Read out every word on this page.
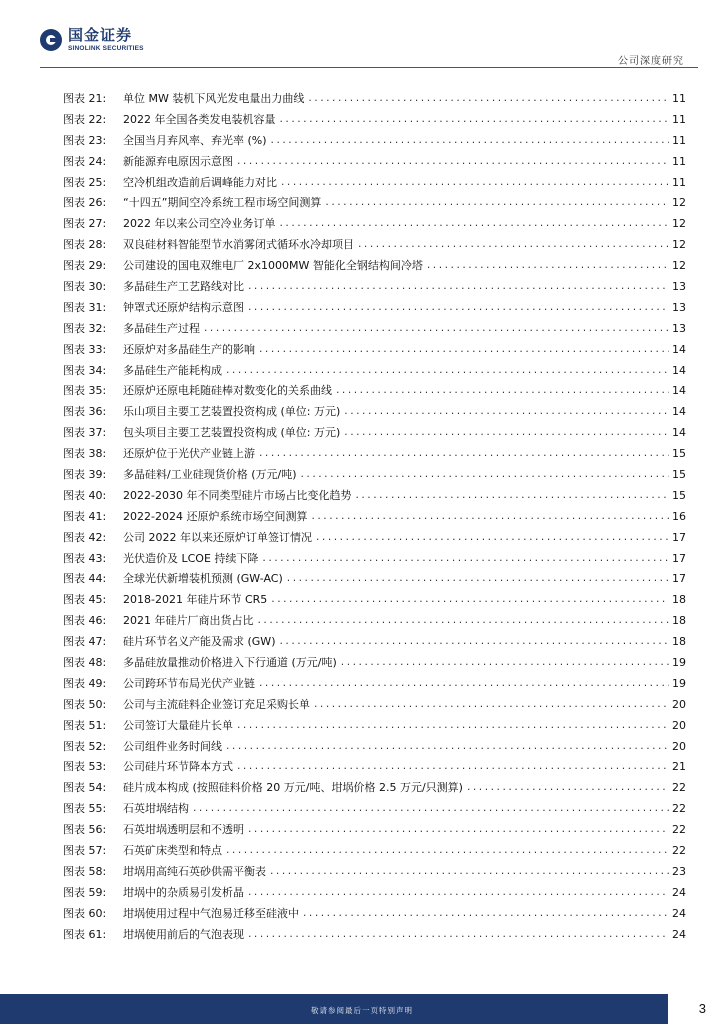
国金证券
SINOLINK SECURITIES
公司深度研究
图表 21:	单位 MW 装机下风光发电量出力曲线 .....	11
图表 22:	2022 年全国各类发电装机容量 .....	11
图表 23:	全国当月弃风率、弃光率 (%) .....	11
图表 24:	新能源弃电原因示意图 .....	11
图表 25:	空冷机组改造前后调峰能力对比 .....	11
图表 26:	“十四五”期间空冷系统工程市场空间测算 .....	12
图表 27:	2022 年以来公司空冷业务订单 .....	12
图表 28:	双良硅材料智能型节水消雾闭式循环水冷却项目 .....	12
图表 29:	公司建设的国电双维电厂 2x1000MW 智能化全钢结构间冷塔 .....	12
图表 30:	多晶硅生产工艺路线对比 .....	13
图表 31:	钟罩式还原炉结构示意图 .....	13
图表 32:	多晶硅生产过程 .....	13
图表 33:	还原炉对多晶硅生产的影响 .....	14
图表 34:	多晶硅生产能耗构成 .....	14
图表 35:	还原炉还原电耗随硅棒对数变化的关系曲线 .....	14
图表 36:	乐山项目主要工艺装置投资构成 (单位: 万元) .....	14
图表 37:	包头项目主要工艺装置投资构成 (单位: 万元) .....	14
图表 38:	还原炉位于光伏产业链上游 .....	15
图表 39:	多晶硅料/工业硅现货价格 (万元/吨) .....	15
图表 40:	2022-2030 年不同类型硅片市场占比变化趋势 .....	15
图表 41:	2022-2024 还原炉系统市场空间测算 .....	16
图表 42:	公司 2022 年以来还原炉订单签订情况 .....	17
图表 43:	光伏造价及 LCOE 持续下降 .....	17
图表 44:	全球光伏新增装机预测 (GW-AC) .....	17
图表 45:	2018-2021 年硅片环节 CR5 .....	18
图表 46:	2021 年硅片厂商出货占比 .....	18
图表 47:	硅片环节名义产能及需求 (GW) .....	18
图表 48:	多晶硅放量推动价格进入下行通道 (万元/吨) .....	19
图表 49:	公司跨环节布局光伏产业链 .....	19
图表 50:	公司与主流硅料企业签订充足采购长单 .....	20
图表 51:	公司签订大量硅片长单 .....	20
图表 52:	公司组件业务时间线 .....	20
图表 53:	公司硅片环节降本方式 .....	21
图表 54:	硅片成本构成 (按照硅料价格 20 万元/吨、坩埚价格 2.5 万元/只测算) .....	22
图表 55:	石英坩埚结构 .....	22
图表 56:	石英坩埚透明层和不透明 .....	22
图表 57:	石英矿床类型和特点 .....	22
图表 58:	坩埚用高纯石英砂供需平衡表 .....	23
图表 59:	坩埚中的杂质易引发析晶 .....	24
图表 60:	坩埚使用过程中气泡易迁移至硅液中 .....	24
图表 61:	坩埚使用前后的气泡表现 .....	24
敬请参阅最后一页特别声明	3
